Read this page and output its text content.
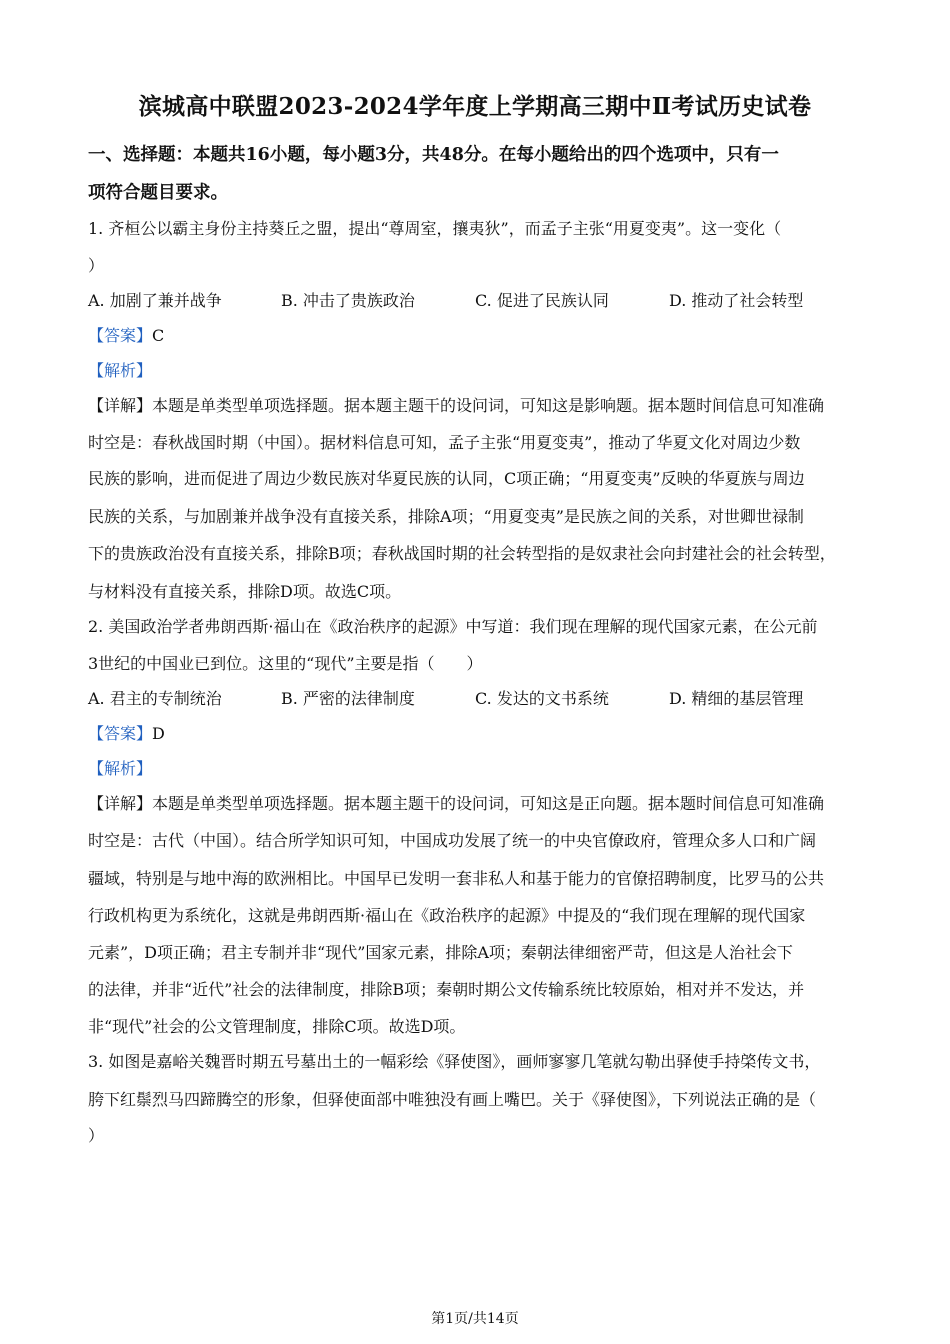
滨城高中联盟2023-2024学年度上学期高三期中Ⅱ考试历史试卷
一、选择题：本题共16小题，每小题3分，共48分。在每小题给出的四个选项中，只有一
项符合题目要求。
1. 齐桓公以霸主身份主持葵丘之盟，提出“尊周室，攘夷狄”，而孟子主张“用夏变夷”。这一变化（
）
A. 加剧了兼并战争	B. 冲击了贵族政治	C. 促进了民族认同	D. 推动了社会转型
【答案】C
【解析】
【详解】本题是单类型单项选择题。据本题主题干的设问词，可知这是影响题。据本题时间信息可知准确
时空是：春秋战国时期（中国）。据材料信息可知，孟子主张“用夏变夷”，推动了华夏文化对周边少数
民族的影响，进而促进了周边少数民族对华夏民族的认同，C项正确；“用夏变夷”反映的华夏族与周边
民族的关系，与加剧兼并战争没有直接关系，排除A项；“用夏变夷”是民族之间的关系，对世卿世禄制
下的贵族政治没有直接关系，排除B项；春秋战国时期的社会转型指的是奴隶社会向封建社会的社会转型，
与材料没有直接关系，排除D项。故选C项。
2. 美国政治学者弗朗西斯·福山在《政治秩序的起源》中写道：我们现在理解的现代国家元素，在公元前
3世纪的中国业已到位。这里的“现代”主要是指（　　）
A. 君主的专制统治	B. 严密的法律制度	C. 发达的文书系统	D. 精细的基层管理
【答案】D
【解析】
【详解】本题是单类型单项选择题。据本题主题干的设问词，可知这是正向题。据本题时间信息可知准确
时空是：古代（中国）。结合所学知识可知，中国成功发展了统一的中央官僚政府，管理众多人口和广阔
疆域，特别是与地中海的欧洲相比。中国早已发明一套非私人和基于能力的官僚招聘制度，比罗马的公共
行政机构更为系统化，这就是弗朗西斯·福山在《政治秩序的起源》中提及的“我们现在理解的现代国家
元素”，D项正确；君主专制并非“现代”国家元素，排除A项；秦朝法律细密严苛，但这是人治社会下
的法律，并非“近代”社会的法律制度，排除B项；秦朝时期公文传输系统比较原始，相对并不发达，并
非“现代”社会的公文管理制度，排除C项。故选D项。
3. 如图是嘉峪关魏晋时期五号墓出土的一幅彩绘《驿使图》，画师寥寥几笔就勾勒出驿使手持棨传文书，
胯下红鬃烈马四蹄腾空的形象，但驿使面部中唯独没有画上嘴巴。关于《驿使图》，下列说法正确的是（
）
第1页/共14页
